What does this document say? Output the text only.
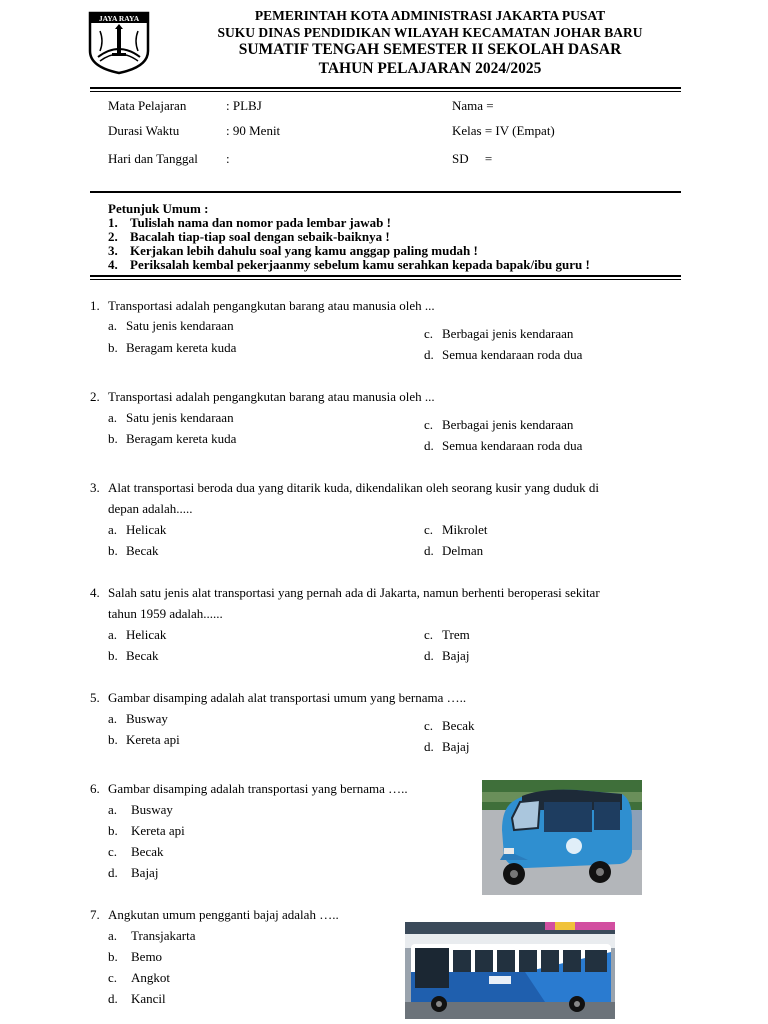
JAYA RAYA	PEMERINTAH KOTA ADMINISTRASI JAKARTA PUSAT
SUKU DINAS PENDIDIKAN WILAYAH KECAMATAN JOHAR BARU
SUMATIF TENGAH SEMESTER II SEKOLAH DASAR
TAHUN PELAJARAN 2024/2025
Mata Pelajaran	: PLBJ	Nama =
Durasi Waktu	: 90 Menit	Kelas = IV (Empat)
Hari dan Tanggal :	SD     =
Petunjuk Umum :
1. Tulislah nama dan nomor pada lembar jawab !
2. Bacalah tiap-tiap soal dengan sebaik-baiknya !
3. Kerjakan lebih dahulu soal yang kamu anggap paling mudah !
4. Periksalah kembal pekerjaanmy sebelum kamu serahkan kepada bapak/ibu guru !
1. Transportasi adalah pengangkutan barang atau manusia oleh ...
a. Satu jenis kendaraan
b. Beragam kereta kuda
c. Berbagai jenis kendaraan
d. Semua kendaraan roda dua
2. Transportasi adalah pengangkutan barang atau manusia oleh ...
a. Satu jenis kendaraan
b. Beragam kereta kuda
c. Berbagai jenis kendaraan
d. Semua kendaraan roda dua
3. Alat transportasi beroda dua yang ditarik kuda, dikendalikan oleh seorang kusir yang duduk di
depan adalah.....
a. Helicak
b. Becak
c. Mikrolet
d. Delman
4. Salah satu jenis alat transportasi yang pernah ada di Jakarta, namun berhenti beroperasi sekitar
tahun 1959 adalah......
a. Helicak
b. Becak
c. Trem
d. Bajaj
5. Gambar disamping adalah alat transportasi umum yang bernama …..
a. Busway
b. Kereta api
c. Becak
d. Bajaj
6. Gambar disamping adalah transportasi yang bernama …..
a. Busway
b. Kereta api
c. Becak
d. Bajaj
7. Angkutan umum pengganti bajaj adalah …..
a. Transjakarta
b. Bemo
c. Angkot
d. Kancil
